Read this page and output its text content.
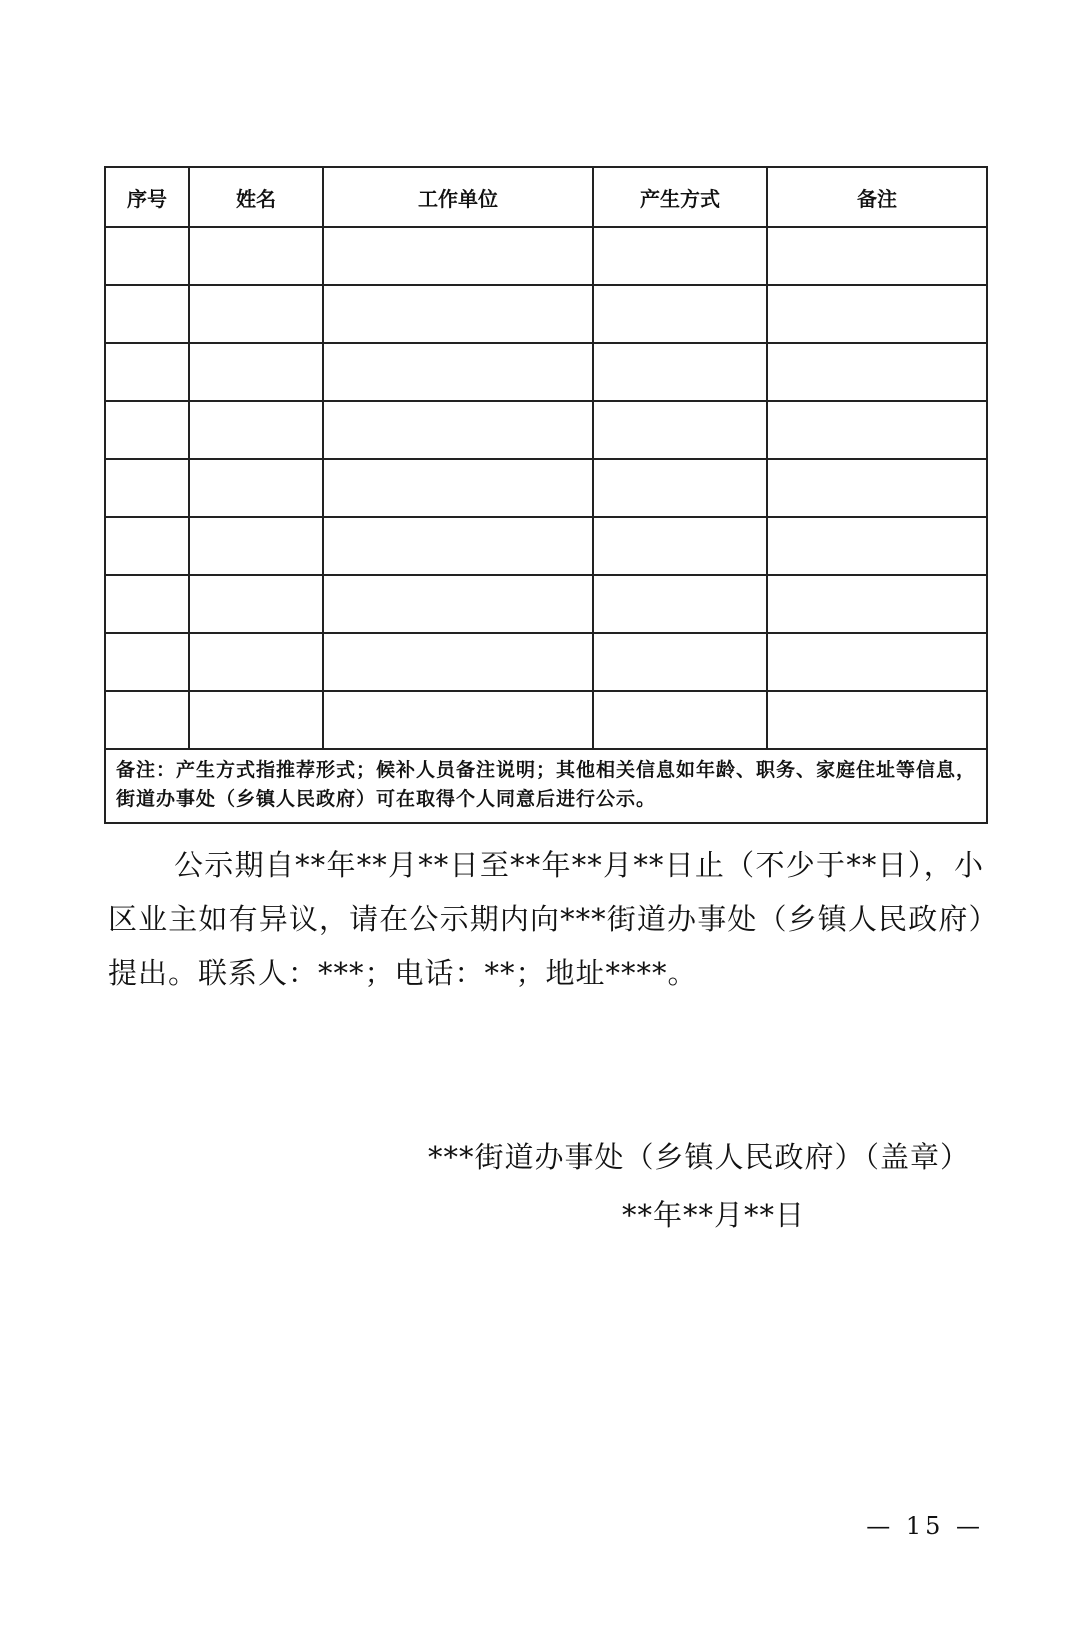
序号	姓名	工作单位	产生方式	备注

备注：产生方式指推荐形式；候补人员备注说明；其他相关信息如年龄、职务、家庭住址等信息，街道办事处（乡镇人民政府）可在取得个人同意后进行公示。				

公示期自**年**月**日至**年**月**日止（不少于**日），小区业主如有异议，请在公示期内向***街道办事处（乡镇人民政府）提出。联系人：***；电话：**；地址****。

***街道办事处（乡镇人民政府）（盖章）
**年**月**日
— 15 —
